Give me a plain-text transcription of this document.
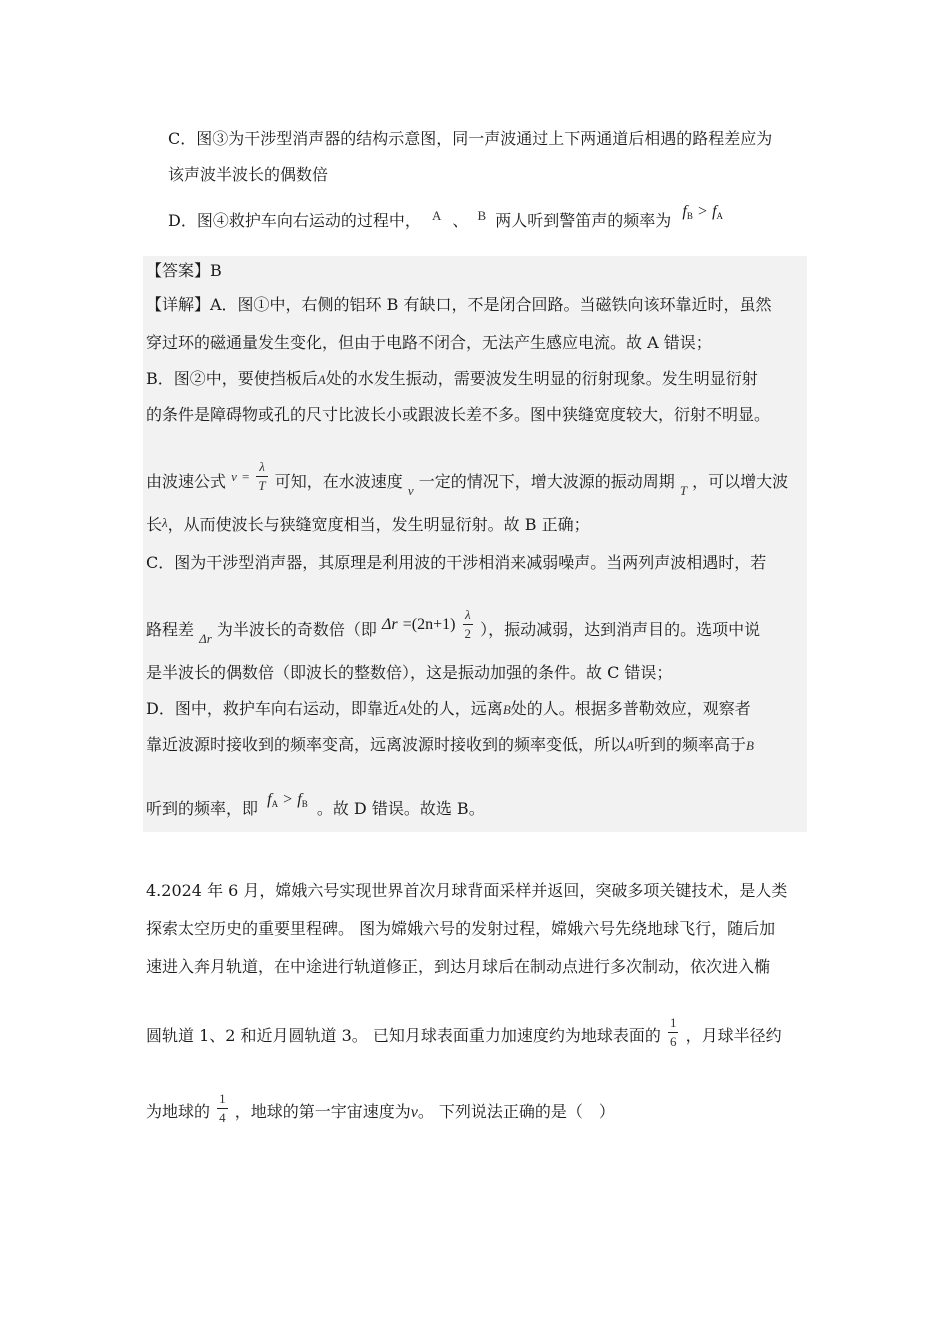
C．图③为干涉型消声器的结构示意图，同一声波通过上下两通道后相遇的路程差应为
该声波半波长的偶数倍
D．图④救护车向右运动的过程中， $^A$ 、 $^B$ 两人听到警笛声的频率为 $f_B > f_A$
【答案】B
【详解】A．图①中，右侧的铝环 B 有缺口，不是闭合回路。当磁铁向该环靠近时，虽然
穿过环的磁通量发生变化，但由于电路不闭合，无法产生感应电流。故 A 错误；
B．图②中，要使挡板后A处的水发生振动，需要波发生明显的衍射现象。发生明显衍射
的条件是障碍物或孔的尺寸比波长小或跟波长差不多。图中狭缝宽度较大，衍射不明显。
由波速公式 $^v$ $^= \frac{\lambda}{T}$ 可知，在水波速度 $_v$ 一定的情况下，增大波源的振动周期 $_T$ ，可以增大波
长λ，从而使波长与狭缝宽度相当，发生明显衍射。故 B 正确；
C．图为干涉型消声器，其原理是利用波的干涉相消来减弱噪声。当两列声波相遇时，若
路程差 $_{\Delta r}$ 为半波长的奇数倍（即 $\Delta r =(2n+1) \frac{\lambda}{2}$ ），振动减弱，达到消声目的。选项中说
是半波长的偶数倍（即波长的整数倍），这是振动加强的条件。故 C 错误；
D．图中，救护车向右运动，即靠近A处的人，远离B处的人。根据多普勒效应，观察者
靠近波源时接收到的频率变高，远离波源时接收到的频率变低，所以A听到的频率高于B
听到的频率，即 $f_A > f_B$ 。故 D 错误。故选 B。
4.2024 年 6 月，嫦娥六号实现世界首次月球背面采样并返回，突破多项关键技术，是人类
探索太空历史的重要里程碑。 图为嫦娥六号的发射过程，嫦娥六号先绕地球飞行，随后加
速进入奔月轨道，在中途进行轨道修正，到达月球后在制动点进行多次制动，依次进入椭
圆轨道 1、2 和近月圆轨道 3。 已知月球表面重力加速度约为地球表面的 $\frac{1}{6}$ ，月球半径约
为地球的 $\frac{1}{4}$ ，地球的第一宇宙速度为v。 下列说法正确的是（　）
